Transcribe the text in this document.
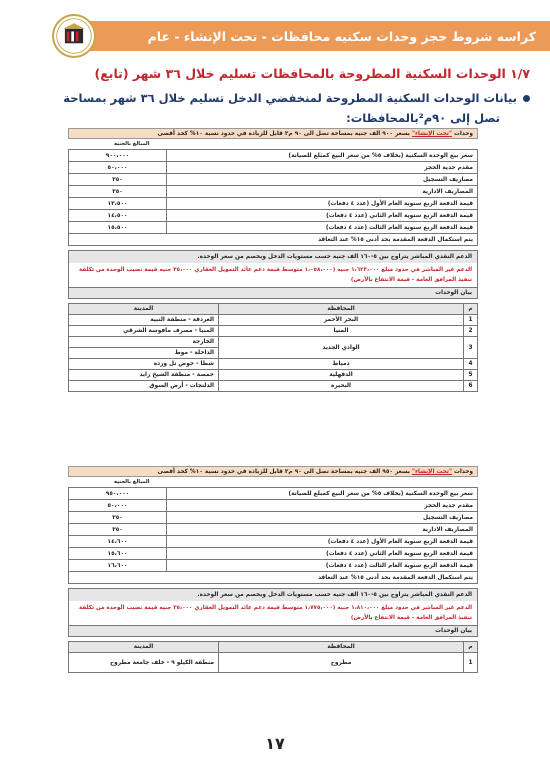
كراسه شروط حجز وحدات سكنيه محافظات - تحت الإنشاء - عام
١/٧ الوحدات السكنية المطروحة بالمحافظات تسليم خلال ٣٦ شهر (تابع)
بيانات الوحدات السكنية المطروحة لمنخفضي الدخل تسليم خلال ٣٦ شهر بمساحة
تصل إلى ٩٠م²بالمحافظات:
وحدات "تحت الإنشاء" بسعر ٩٠٠ الف جنيه بمساحة تصل الى ٩٠ م٢ قابل للزيادة في حدود نسبة ١٠% كحد أقصى
المبالغ بالجنيه
سعر بيع الوحدة السكنية (بخلاف ٥% من سعر البيع كمبلغ للصيانة)	٩٠٠،٠٠٠
مقدم جدية الحجز	٥٠،٠٠٠
مصاريف التسجيل	٣٥٠
المصاريف الادارية	٣٥٠
قيمة الدفعة الربع سنوية العام الأول (عدد ٤ دفعات)	١٣،٥٠٠
قيمة الدفعة الربع سنوية العام الثاني (عدد ٤ دفعات)	١٤،٥٠٠
قيمة الدفعة الربع سنوية العام الثالث (عدد ٤ دفعات)	١٥،٥٠٠
يتم استكمال الدفعة المقدمة بحد أدنى ١٥% عند التعاقد	
الدعم النقدي المباشر يتراوح بين ٥-١٦٠ الف جنيه حسب مستويات الدخل ويخصم من سعر الوحدة.
الدعم غير المباشر في حدود مبلغ ١،٦٢٣،٠٠٠ جنيه (١،٠٥٨،٠٠٠ متوسط قيمة دعم عائد التمويل العقاري ٣٥،٠٠٠ جنيه قيمة نصيب الوحدة من تكلفة تنفيذ المرافق العامة - قيمة الانتفاع بالأرض)
بيان الوحدات
م	المحافظة	المدينة
1	البحر الأحمر	الغردقة - منطقة النبية
2	المنيا	المنيا - مصرف مافوسة الشرقي
3	الوادي الجديد	الخارجة
		الداخلة - موط
4	دمياط	شطا - حوض تل وردة
5	الدقهلية	جمصة - منطقة الشيخ زايد
6	البحيرة	الدلنجات - أرض السوق
وحدات "تحت الإنشاء" بسعر ٩٥٠ الف جنيه بمساحة تصل الى ٩٠ م٢ قابل للزيادة في حدود نسبة ١٠% كحد أقصى
المبالغ بالجنيه
سعر بيع الوحدة السكنية (بخلاف ٥% من سعر البيع كمبلغ للصيانة)	٩٥٠،٠٠٠
مقدم جدية الحجز	٥٠،٠٠٠
مصاريف التسجيل	٣٥٠
المصاريف الادارية	٣٥٠
قيمة الدفعة الربع سنوية العام الأول (عدد ٤ دفعات)	١٤،٦٠٠
قيمة الدفعة الربع سنوية العام الثاني (عدد ٤ دفعات)	١٥،٦٠٠
قيمة الدفعة الربع سنوية العام الثالث (عدد ٤ دفعات)	١٦،٦٠٠
يتم استكمال الدفعة المقدمة بحد أدنى ١٥% عند التعاقد	
الدعم النقدي المباشر يتراوح بين ٥-١٦٠ الف جنيه حسب مستويات الدخل ويخصم من سعر الوحدة.
الدعم غير المباشر في حدود مبلغ ١،٨١٠،٠٠٠ جنيه (١،٧٧٥،٠٠٠ متوسط قيمة دعم عائد التمويل العقاري ٣٥،٠٠٠ جنيه قيمة نصيب الوحدة من تكلفة تنفيذ المرافق العامة - قيمة الانتفاع بالأرض)
بيان الوحدات
م	المحافظة	المدينة
1	مطروح	منطقة الكيلو ٩ - خلف جامعة مطروح
١٧
